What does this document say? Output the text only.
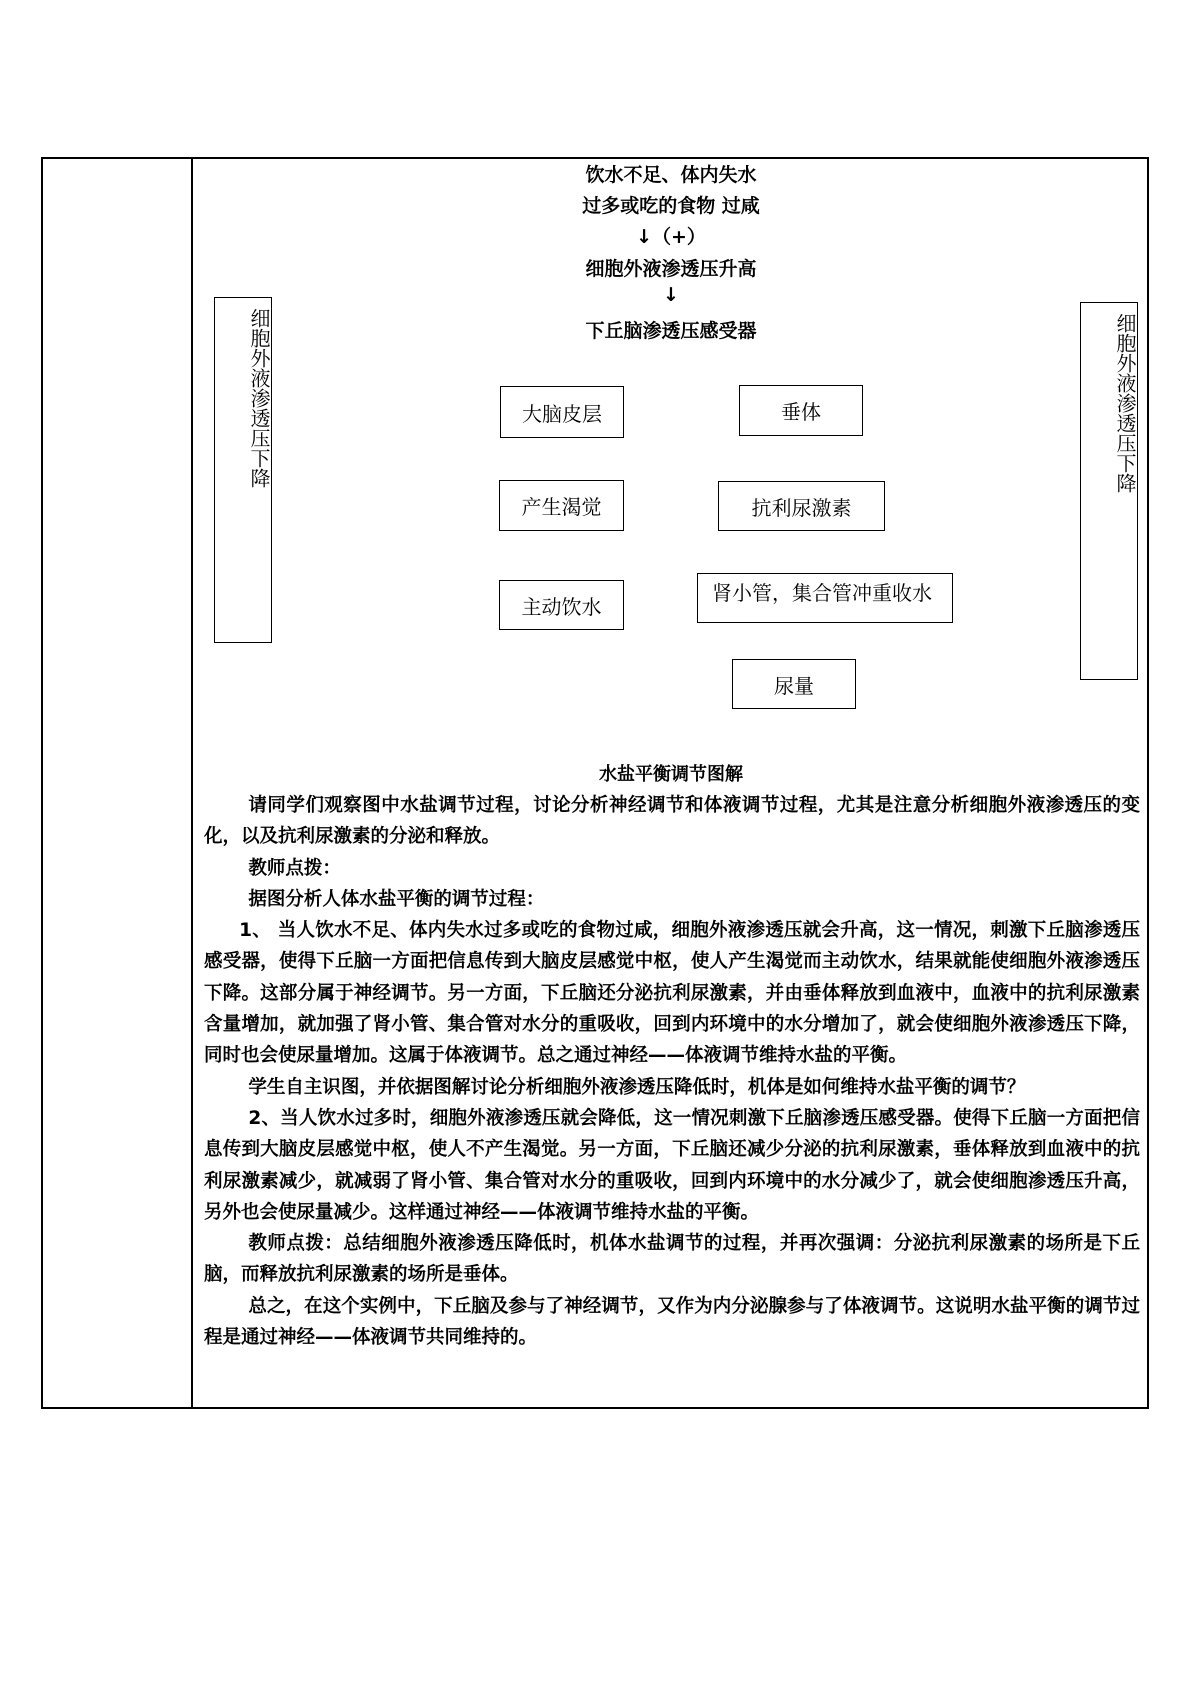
饮水不足、体内失水
过多或吃的食物 过咸
↓（+）
细胞外液渗透压升高
↓
下丘脑渗透压感受器
细胞外液渗透压下降	细胞外液渗透压下降
大脑皮层	垂体
产生渴觉	抗利尿激素
主动饮水
肾小管，集合管冲重收水
尿量
水盐平衡调节图解

请同学们观察图中水盐调节过程，讨论分析神经调节和体液调节过程，尤其是注意分析细胞外液渗透压的变化，以及抗利尿激素的分泌和释放。

教师点拨：

据图分析人体水盐平衡的调节过程：

1、 当人饮水不足、体内失水过多或吃的食物过咸，细胞外液渗透压就会升高，这一情况，刺激下丘脑渗透压感受器，使得下丘脑一方面把信息传到大脑皮层感觉中枢，使人产生渴觉而主动饮水，结果就能使细胞外液渗透压下降。这部分属于神经调节。另一方面，下丘脑还分泌抗利尿激素，并由垂体释放到血液中，血液中的抗利尿激素含量增加，就加强了肾小管、集合管对水分的重吸收，回到内环境中的水分增加了，就会使细胞外液渗透压下降，同时也会使尿量增加。这属于体液调节。总之通过神经——体液调节维持水盐的平衡。

学生自主识图，并依据图解讨论分析细胞外液渗透压降低时，机体是如何维持水盐平衡的调节？

2、当人饮水过多时，细胞外液渗透压就会降低，这一情况刺激下丘脑渗透压感受器。使得下丘脑一方面把信息传到大脑皮层感觉中枢，使人不产生渴觉。另一方面，下丘脑还减少分泌的抗利尿激素，垂体释放到血液中的抗利尿激素减少，就减弱了肾小管、集合管对水分的重吸收，回到内环境中的水分减少了，就会使细胞渗透压升高，另外也会使尿量减少。这样通过神经——体液调节维持水盐的平衡。

教师点拨：总结细胞外液渗透压降低时，机体水盐调节的过程，并再次强调：分泌抗利尿激素的场所是下丘脑，而释放抗利尿激素的场所是垂体。

总之，在这个实例中，下丘脑及参与了神经调节，又作为内分泌腺参与了体液调节。这说明水盐平衡的调节过程是通过神经——体液调节共同维持的。
